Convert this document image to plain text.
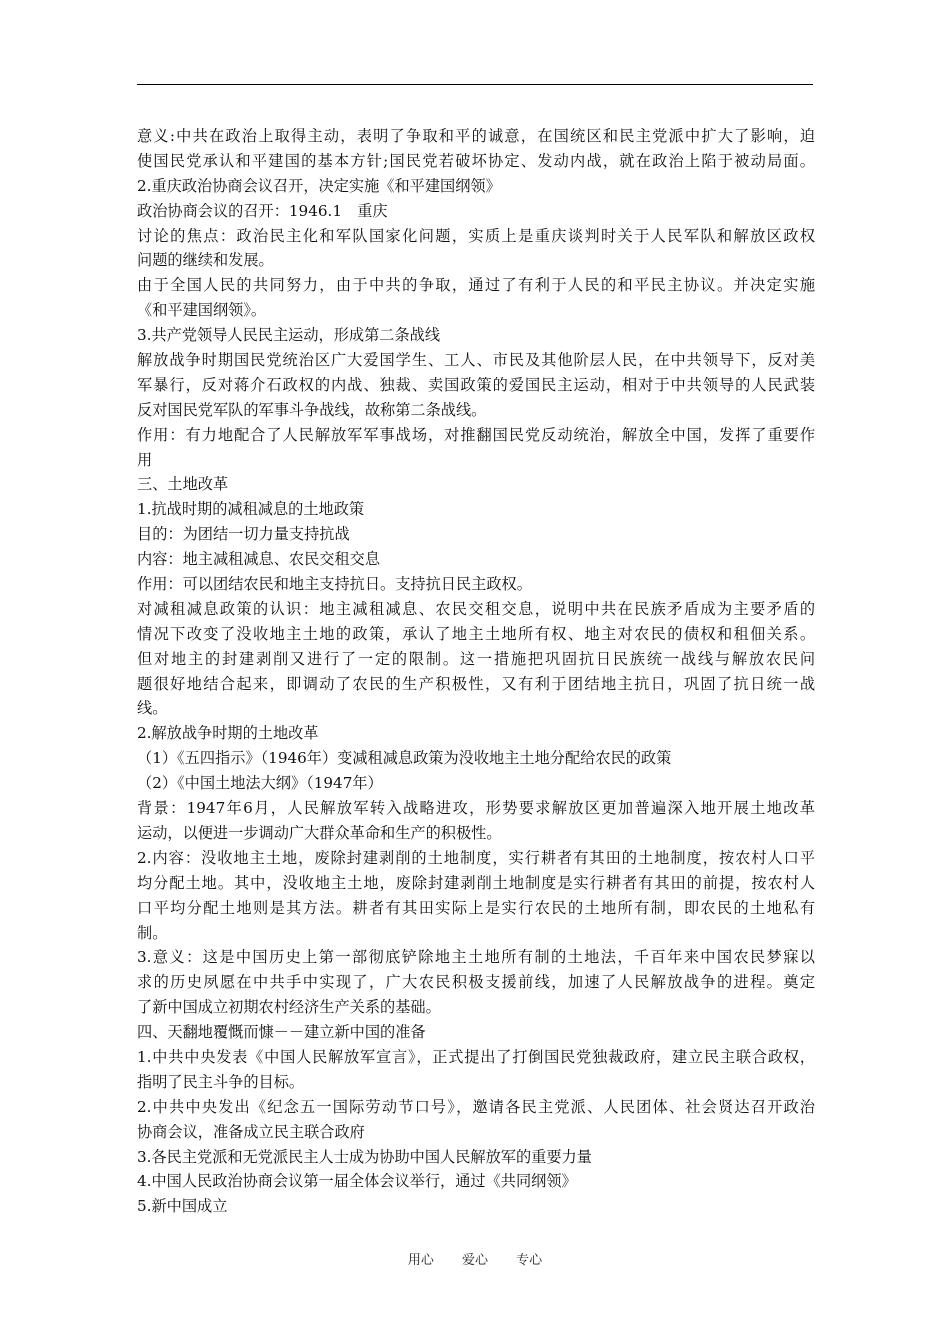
意义:中共在政治上取得主动，表明了争取和平的诚意，在国统区和民主党派中扩大了影响，迫
使国民党承认和平建国的基本方针;国民党若破坏协定、发动内战，就在政治上陷于被动局面。
2.重庆政治协商会议召开，决定实施《和平建国纲领》
政治协商会议的召开：1946.1　重庆
讨论的焦点：政治民主化和军队国家化问题，实质上是重庆谈判时关于人民军队和解放区政权
问题的继续和发展。
由于全国人民的共同努力，由于中共的争取，通过了有利于人民的和平民主协议。并决定实施
《和平建国纲领》。
3.共产党领导人民民主运动，形成第二条战线
解放战争时期国民党统治区广大爱国学生、工人、市民及其他阶层人民，在中共领导下，反对美
军暴行，反对蒋介石政权的内战、独裁、卖国政策的爱国民主运动，相对于中共领导的人民武装
反对国民党军队的军事斗争战线，故称第二条战线。
作用：有力地配合了人民解放军军事战场，对推翻国民党反动统治，解放全中国，发挥了重要作
用
三、土地改革
1.抗战时期的减租减息的土地政策
目的：为团结一切力量支持抗战
内容：地主减租减息、农民交租交息
作用：可以团结农民和地主支持抗日。支持抗日民主政权。
对减租减息政策的认识：地主减租减息、农民交租交息，说明中共在民族矛盾成为主要矛盾的
情况下改变了没收地主土地的政策，承认了地主土地所有权、地主对农民的债权和租佃关系。
但对地主的封建剥削又进行了一定的限制。这一措施把巩固抗日民族统一战线与解放农民问
题很好地结合起来，即调动了农民的生产积极性，又有利于团结地主抗日，巩固了抗日统一战
线。
2.解放战争时期的土地改革
（1）《五四指示》（1946年）变减租减息政策为没收地主土地分配给农民的政策
（2）《中国土地法大纲》（1947年）
背景：1947年6月，人民解放军转入战略进攻，形势要求解放区更加普遍深入地开展土地改革
运动，以便进一步调动广大群众革命和生产的积极性。
2.内容：没收地主土地，废除封建剥削的土地制度，实行耕者有其田的土地制度，按农村人口平
均分配土地。其中，没收地主土地，废除封建剥削土地制度是实行耕者有其田的前提，按农村人
口平均分配土地则是其方法。耕者有其田实际上是实行农民的土地所有制，即农民的土地私有
制。
3.意义：这是中国历史上第一部彻底铲除地主土地所有制的土地法，千百年来中国农民梦寐以
求的历史夙愿在中共手中实现了，广大农民积极支援前线，加速了人民解放战争的进程。奠定
了新中国成立初期农村经济生产关系的基础。
四、天翻地覆慨而慷－－建立新中国的准备
1.中共中央发表《中国人民解放军宣言》，正式提出了打倒国民党独裁政府，建立民主联合政权，
指明了民主斗争的目标。
2.中共中央发出《纪念五一国际劳动节口号》，邀请各民主党派、人民团体、社会贤达召开政治
协商会议，准备成立民主联合政府
3.各民主党派和无党派民主人士成为协助中国人民解放军的重要力量
4.中国人民政治协商会议第一届全体会议举行，通过《共同纲领》
5.新中国成立
用心 爱心 专心
